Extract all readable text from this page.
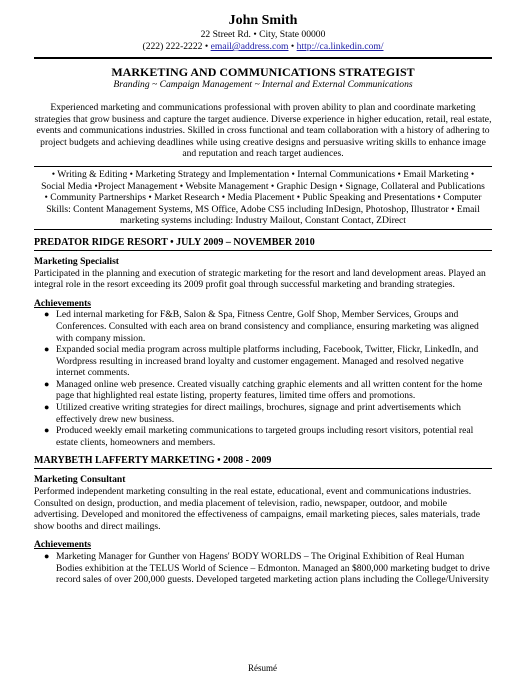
John Smith
22 Street Rd. • City, State 00000
(222) 222-2222 • email@address.com • http://ca.linkedin.com/
MARKETING AND COMMUNICATIONS STRATEGIST
Branding ~ Campaign Management ~ Internal and External Communications
Experienced marketing and communications professional with proven ability to plan and coordinate marketing strategies that grow business and capture the target audience. Diverse experience in higher education, retail, real estate, events and communications industries. Skilled in cross functional and team collaboration with a history of adhering to project budgets and achieving deadlines while using creative designs and persuasive writing skills to enhance image and reputation and reach target audiences.
• Writing & Editing • Marketing Strategy and Implementation • Internal Communications • Email Marketing • Social Media •Project Management • Website Management • Graphic Design • Signage, Collateral and Publications • Community Partnerships • Market Research • Media Placement • Public Speaking and Presentations • Computer Skills: Content Management Systems, MS Office, Adobe CS5 including InDesign, Photoshop, Illustrator • Email marketing systems including: Industry Mailout, Constant Contact, ZDirect
PREDATOR RIDGE RESORT • JULY 2009 – NOVEMBER 2010
Marketing Specialist
Participated in the planning and execution of strategic marketing for the resort and land development areas. Played an integral role in the resort exceeding its 2009 profit goal through successful marketing and branding strategies.
Achievements
● Led internal marketing for F&B, Salon & Spa, Fitness Centre, Golf Shop, Member Services, Groups and Conferences. Consulted with each area on brand consistency and compliance, ensuring marketing was aligned with company mission.
● Expanded social media program across multiple platforms including, Facebook, Twitter, Flickr, LinkedIn, and Wordpress resulting in increased brand loyalty and customer engagement. Managed and resolved negative internet comments.
● Managed online web presence. Created visually catching graphic elements and all written content for the home page that highlighted real estate listing, property features, limited time offers and promotions.
● Utilized creative writing strategies for direct mailings, brochures, signage and print advertisements which effectively drew new business.
● Produced weekly email marketing communications to targeted groups including resort visitors, potential real estate clients, homeowners and members.
MARYBETH LAFFERTY MARKETING • 2008 - 2009
Marketing Consultant
Performed independent marketing consulting in the real estate, educational, event and communications industries. Consulted on design, production, and media placement of television, radio, newspaper, outdoor, and mobile advertising. Developed and monitored the effectiveness of campaigns, email marketing pieces, sales materials, trade show booths and direct mailings.
Achievements
● Marketing Manager for Gunther von Hagens' BODY WORLDS – The Original Exhibition of Real Human Bodies exhibition at the TELUS World of Science – Edmonton. Managed an $800,000 marketing budget to drive record sales of over 200,000 guests. Developed targeted marketing action plans including the College/University
Résumé
